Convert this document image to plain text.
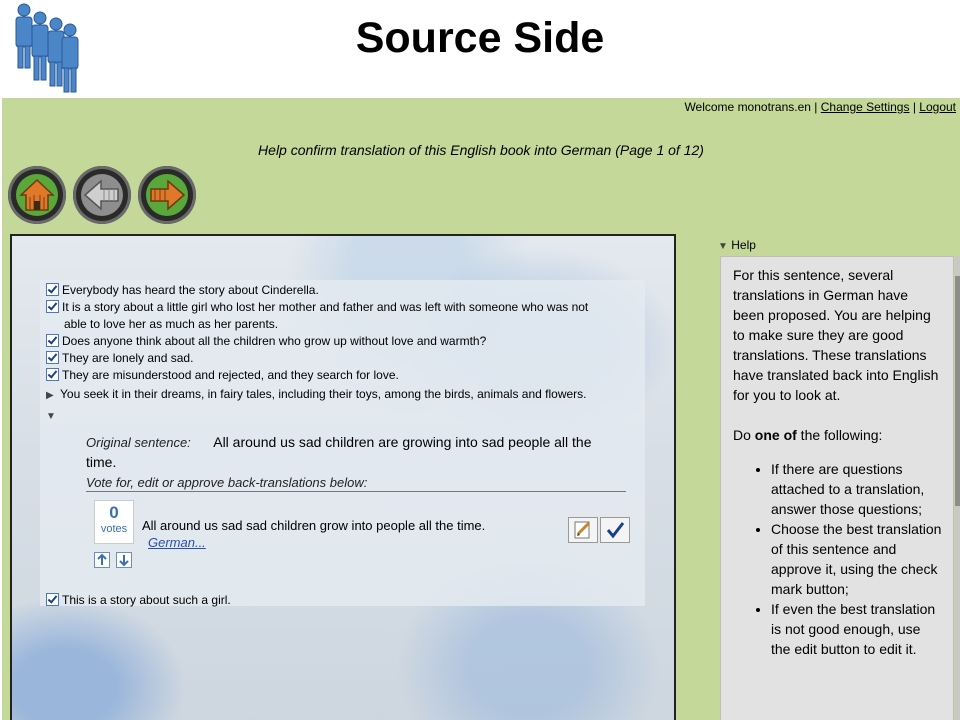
Source Side
Welcome monotrans.en | Change Settings | Logout
Help confirm translation of this English book into German (Page 1 of 12)
Everybody has heard the story about Cinderella.
It is a story about a little girl who lost her mother and father and was left with someone who was not
able to love her as much as her parents.
Does anyone think about all the children who grow up without love and warmth?
They are lonely and sad.
They are misunderstood and rejected, and they search for love.
▶ You seek it in their dreams, in fairy tales, including their toys, among the birds, animals and flowers.
▼
Original sentence: All around us sad children are growing into sad people all the
time.
Vote for, edit or approve back-translations below:
0
votes	All around us sad sad children grow into people all the time.
German...
This is a story about such a girl.
▼ Help

For this sentence, several translations in German have been proposed. You are helping to make sure they are good translations. These translations have translated back into English for you to look at.

Do one of the following:

• If there are questions attached to a translation, answer those questions;
• Choose the best translation of this sentence and approve it, using the check mark button;
• If even the best translation is not good enough, use the edit button to edit it.
